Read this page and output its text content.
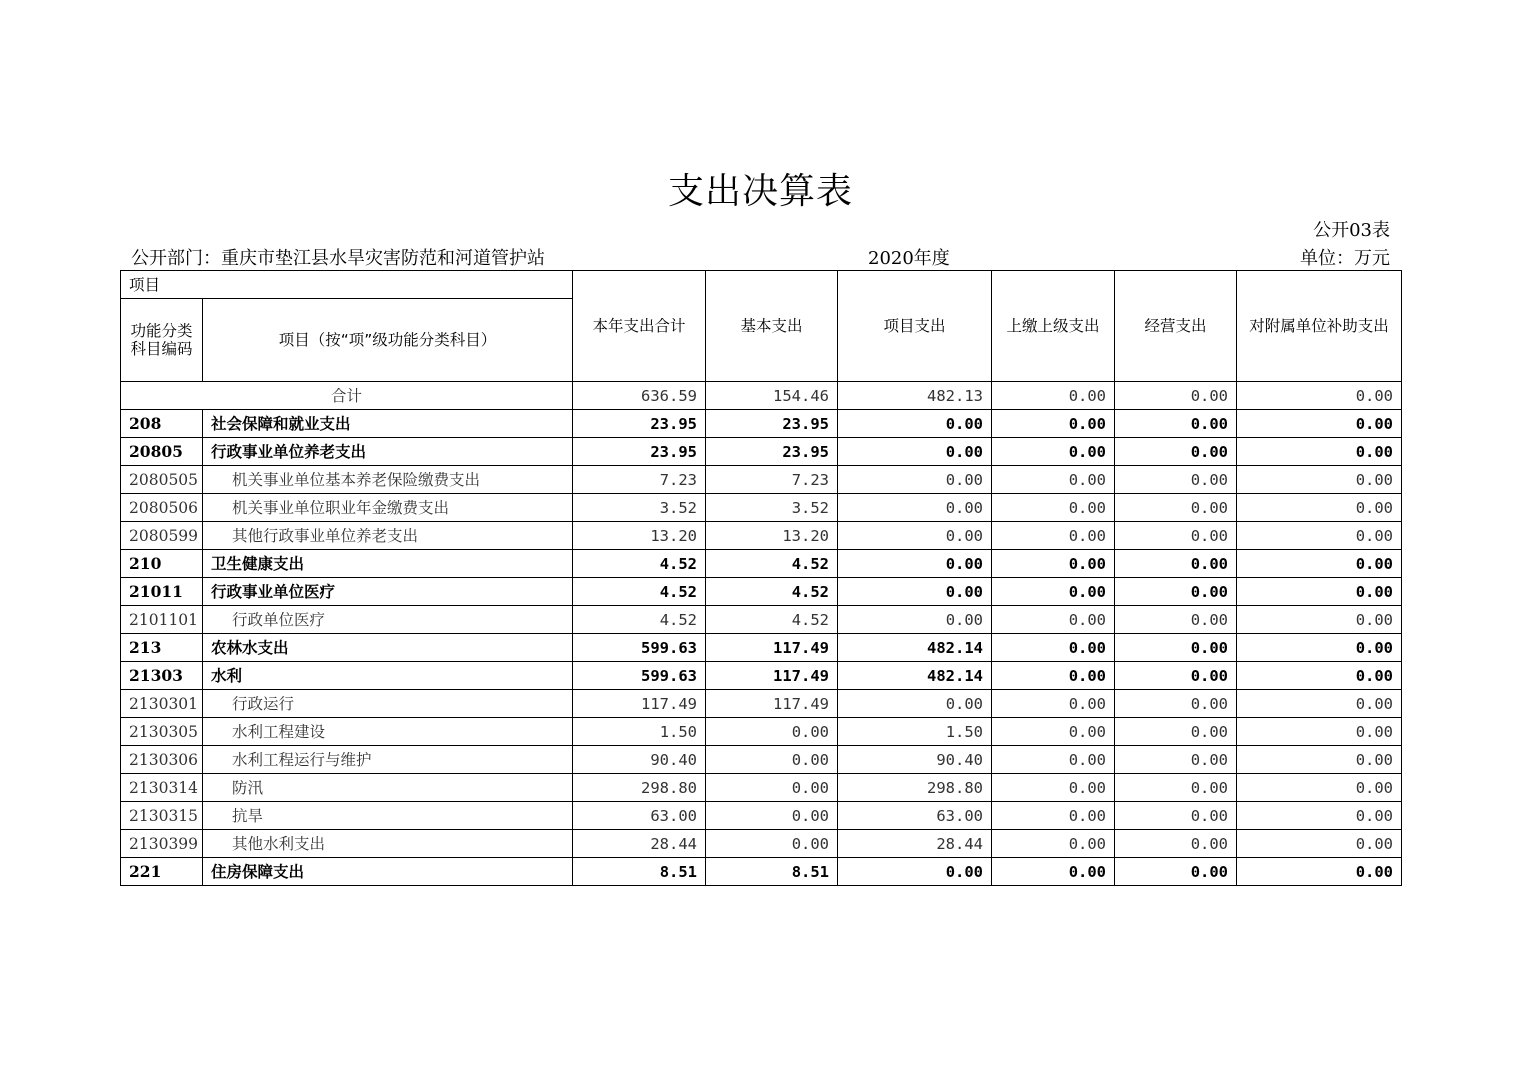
支出决算表
公开03表
公开部门：重庆市垫江县水旱灾害防范和河道管护站	2020年度	单位：万元
项目		本年支出合计	基本支出	项目支出	上缴上级支出	经营支出	对附属单位补助支出
功能分类科目编码	项目（按“项”级功能分类科目）						
合计		636.59	154.46	482.13	0.00	0.00	0.00
208	社会保障和就业支出	23.95	23.95	0.00	0.00	0.00	0.00
20805	行政事业单位养老支出	23.95	23.95	0.00	0.00	0.00	0.00
2080505	机关事业单位基本养老保险缴费支出	7.23	7.23	0.00	0.00	0.00	0.00
2080506	机关事业单位职业年金缴费支出	3.52	3.52	0.00	0.00	0.00	0.00
2080599	其他行政事业单位养老支出	13.20	13.20	0.00	0.00	0.00	0.00
210	卫生健康支出	4.52	4.52	0.00	0.00	0.00	0.00
21011	行政事业单位医疗	4.52	4.52	0.00	0.00	0.00	0.00
2101101	行政单位医疗	4.52	4.52	0.00	0.00	0.00	0.00
213	农林水支出	599.63	117.49	482.14	0.00	0.00	0.00
21303	水利	599.63	117.49	482.14	0.00	0.00	0.00
2130301	行政运行	117.49	117.49	0.00	0.00	0.00	0.00
2130305	水利工程建设	1.50	0.00	1.50	0.00	0.00	0.00
2130306	水利工程运行与维护	90.40	0.00	90.40	0.00	0.00	0.00
2130314	防汛	298.80	0.00	298.80	0.00	0.00	0.00
2130315	抗旱	63.00	0.00	63.00	0.00	0.00	0.00
2130399	其他水利支出	28.44	0.00	28.44	0.00	0.00	0.00
221	住房保障支出	8.51	8.51	0.00	0.00	0.00	0.00
